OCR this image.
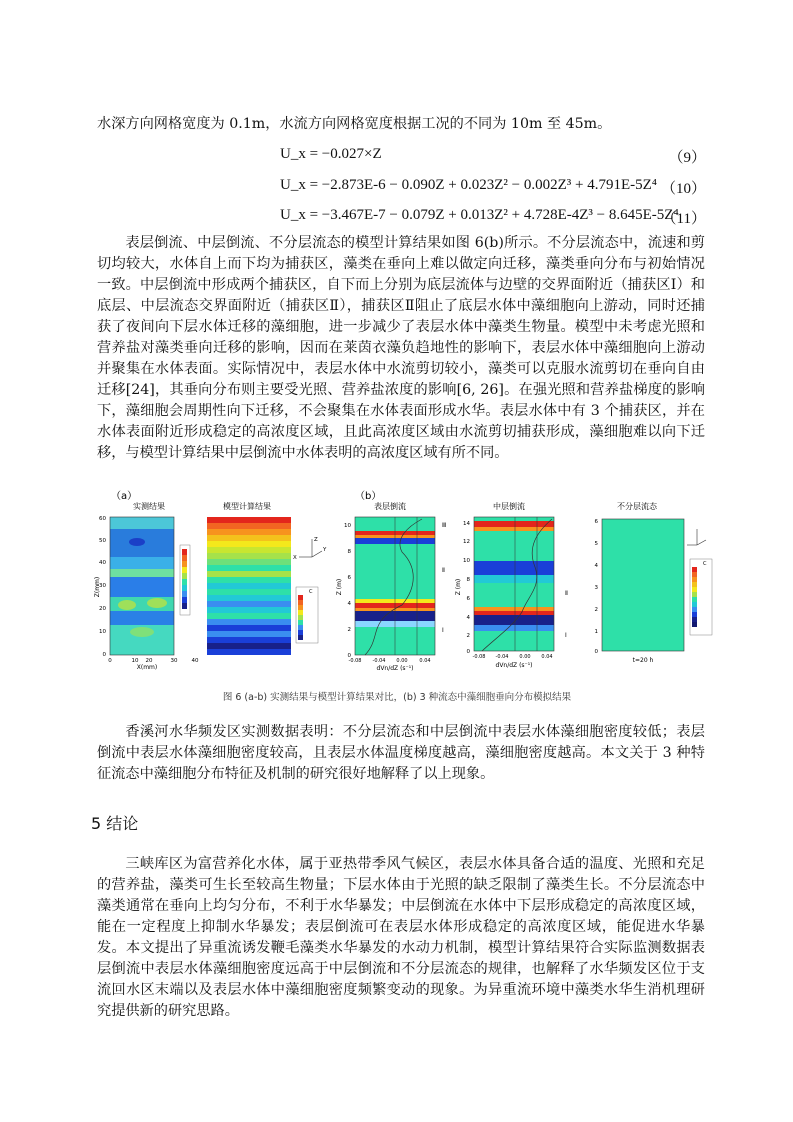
水深方向网格宽度为 0.1m，水流方向网格宽度根据工况的不同为 10m 至 45m。
U_x = −0.027×Z	（9）
U_x = −2.873E-6 − 0.090Z + 0.023Z² − 0.002Z³ + 4.791E-5Z⁴ （10）
U_x = −3.467E-7 − 0.079Z + 0.013Z² + 4.728E-4Z³ − 8.645E-5Z⁴
（11）

表层倒流、中层倒流、不分层流态的模型计算结果如图 6(b)所示。不分层流态中，流速和剪切均较大，水体自上而下均为捕获区，藻类在垂向上难以做定向迁移，藻类垂向分布与初始情况一致。中层倒流中形成两个捕获区，自下而上分别为底层流体与边壁的交界面附近（捕获区Ⅰ）和底层、中层流态交界面附近（捕获区Ⅱ），捕获区Ⅱ阻止了底层水体中藻细胞向上游动，同时还捕获了夜间向下层水体迁移的藻细胞，进一步减少了表层水体中藻类生物量。模型中未考虑光照和营养盐对藻类垂向迁移的影响，因而在莱茵衣藻负趋地性的影响下，表层水体中藻细胞向上游动并聚集在水体表面。实际情况中，表层水体中水流剪切较小，藻类可以克服水流剪切在垂向自由迁移[24]，其垂向分布则主要受光照、营养盐浓度的影响[6, 26]。在强光照和营养盐梯度的影响下，藻细胞会周期性向下迁移，不会聚集在水体表面形成水华。表层水体中有 3 个捕获区，并在水体表面附近形成稳定的高浓度区域，且此高浓度区域由水流剪切捕获形成，藻细胞难以向下迁移，与模型计算结果中层倒流中水体表明的高浓度区域有所不同。

（a）	（b）
实测结果
60
50
40
30
20
10
0
0	10 20	30	40
X(mm)
Z(mm)
模型计算结果
Z
X
Y
C
表层倒流
10
8
6
4
2
0
Z (m)
-0.08 -0.04 0.00 0.04
dVn/dZ (s⁻¹)
Ⅲ
Ⅱ
Ⅰ
中层倒流
14
12
10
8
6
4
2
0
Z (m)
-0.08 -0.04 0.00 0.04
dVn/dZ (s⁻¹)
Ⅱ
Ⅰ
不分层流态
6
5
4
3
2
1
0
t=20 h
C
图 6 (a-b) 实测结果与模型计算结果对比，(b) 3 种流态中藻细胞垂向分布模拟结果

香溪河水华频发区实测数据表明：不分层流态和中层倒流中表层水体藻细胞密度较低；表层倒流中表层水体藻细胞密度较高，且表层水体温度梯度越高，藻细胞密度越高。本文关于 3 种特征流态中藻细胞分布特征及机制的研究很好地解释了以上现象。

5 结论

三峡库区为富营养化水体，属于亚热带季风气候区，表层水体具备合适的温度、光照和充足的营养盐，藻类可生长至较高生物量；下层水体由于光照的缺乏限制了藻类生长。不分层流态中藻类通常在垂向上均匀分布，不利于水华暴发；中层倒流在水体中下层形成稳定的高浓度区域，能在一定程度上抑制水华暴发；表层倒流可在表层水体形成稳定的高浓度区域，能促进水华暴发。本文提出了异重流诱发鞭毛藻类水华暴发的水动力机制，模型计算结果符合实际监测数据表层倒流中表层水体藻细胞密度远高于中层倒流和不分层流态的规律，也解释了水华频发区位于支流回水区末端以及表层水体中藻细胞密度频繁变动的现象。为异重流环境中藻类水华生消机理研究提供新的研究思路。
